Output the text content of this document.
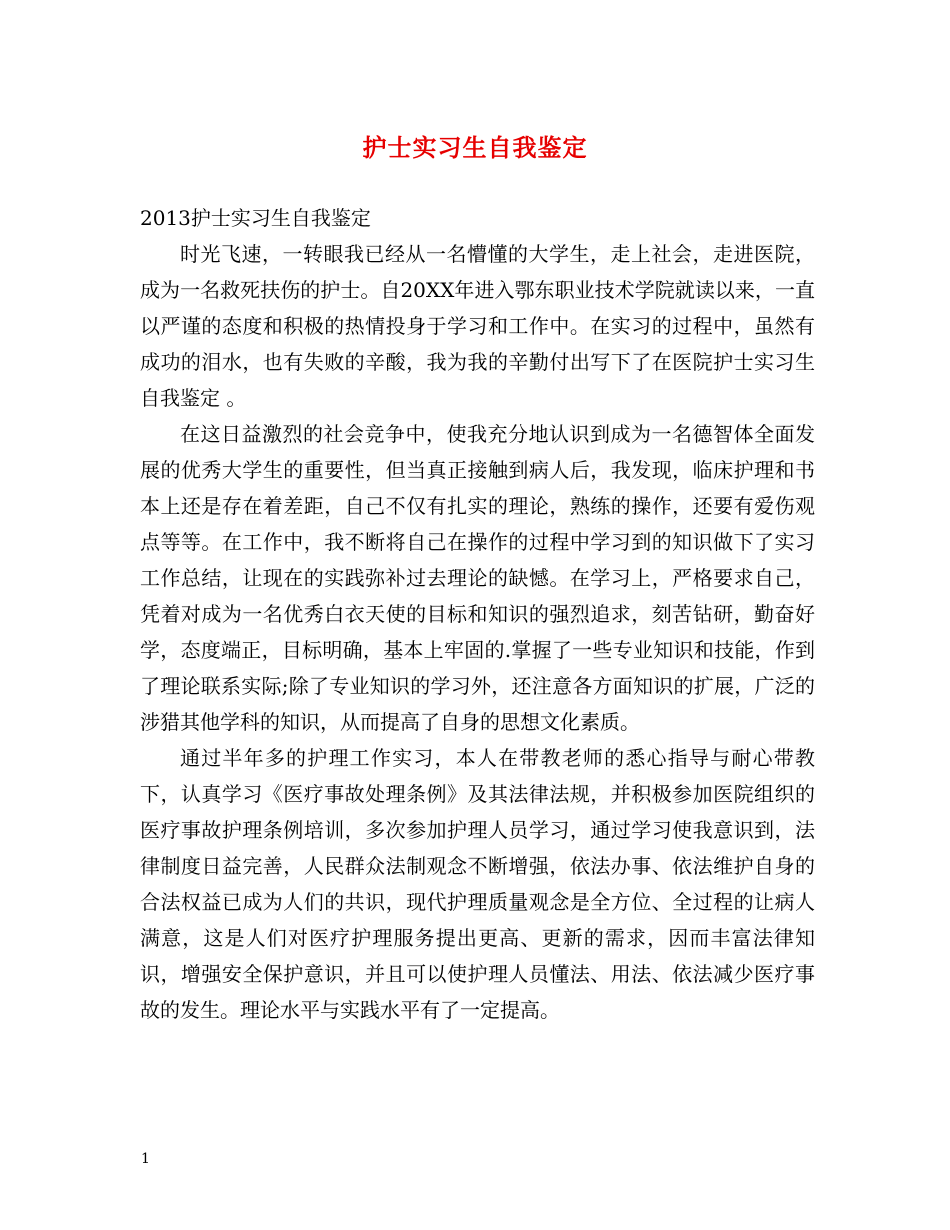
护士实习生自我鉴定

2013护士实习生自我鉴定

时光飞速，一转眼我已经从一名懵懂的大学生，走上社会，走进医院，成为一名救死扶伤的护士。自20XX年进入鄂东职业技术学院就读以来，一直以严谨的态度和积极的热情投身于学习和工作中。在实习的过程中，虽然有成功的泪水，也有失败的辛酸，我为我的辛勤付出写下了在医院护士实习生自我鉴定 。

在这日益激烈的社会竞争中，使我充分地认识到成为一名德智体全面发展的优秀大学生的重要性，但当真正接触到病人后，我发现，临床护理和书本上还是存在着差距，自己不仅有扎实的理论，熟练的操作，还要有爱伤观点等等。在工作中，我不断将自己在操作的过程中学习到的知识做下了实习工作总结，让现在的实践弥补过去理论的缺憾。在学习上，严格要求自己，凭着对成为一名优秀白衣天使的目标和知识的强烈追求，刻苦钻研，勤奋好学，态度端正，目标明确，基本上牢固的.掌握了一些专业知识和技能，作到了理论联系实际;除了专业知识的学习外，还注意各方面知识的扩展，广泛的涉猎其他学科的知识，从而提高了自身的思想文化素质。

通过半年多的护理工作实习，本人在带教老师的悉心指导与耐心带教下，认真学习《医疗事故处理条例》及其法律法规，并积极参加医院组织的医疗事故护理条例培训，多次参加护理人员学习，通过学习使我意识到，法律制度日益完善，人民群众法制观念不断增强，依法办事、依法维护自身的合法权益已成为人们的共识，现代护理质量观念是全方位、全过程的让病人满意，这是人们对医疗护理服务提出更高、更新的需求，因而丰富法律知识，增强安全保护意识，并且可以使护理人员懂法、用法、依法减少医疗事故的发生。理论水平与实践水平有了一定提高。

1
